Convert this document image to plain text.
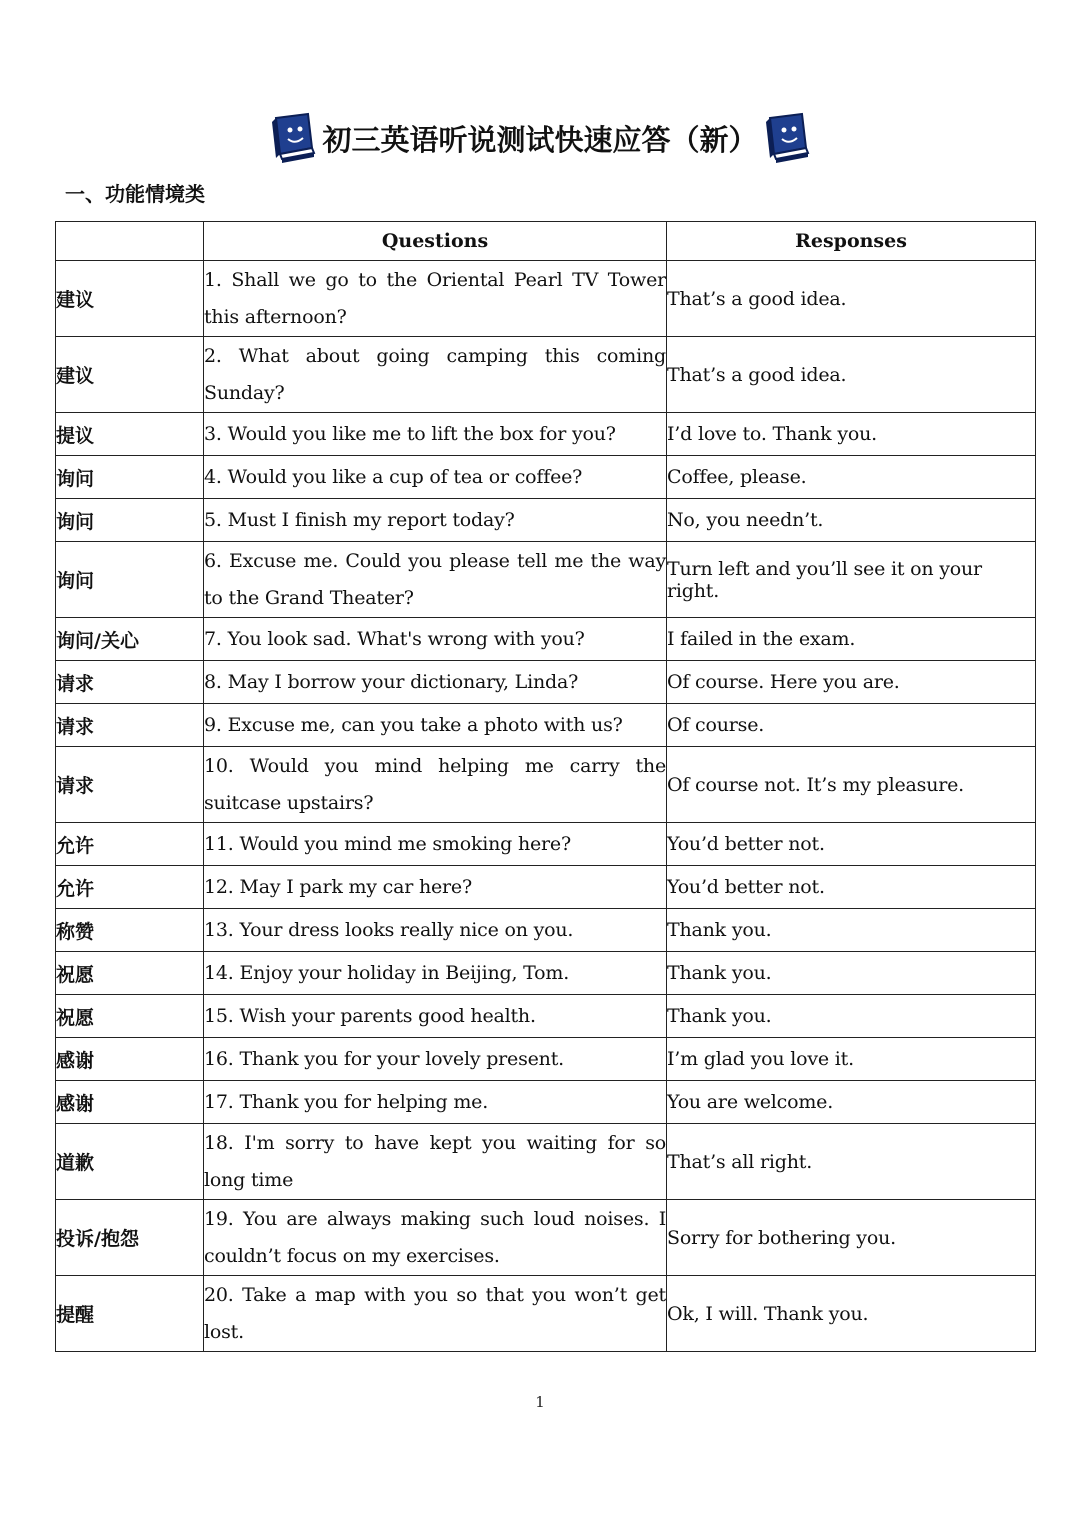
初三英语听说测试快速应答（新）
一、功能情境类
	Questions	Responses
建议	1. Shall we go to the Oriental Pearl TV Tower this afternoon?	That’s a good idea.
建议	2. What about going camping this coming Sunday?	That’s a good idea.
提议	3. Would you like me to lift the box for you?	I’d love to. Thank you.
询问	4. Would you like a cup of tea or coffee?	Coffee, please.
询问	5. Must I finish my report today?	No, you needn’t.
询问	6. Excuse me. Could you please tell me the way to the Grand Theater?	Turn left and you’ll see it on your right.
询问/关心	7. You look sad. What's wrong with you?	I failed in the exam.
请求	8. May I borrow your dictionary, Linda?	Of course. Here you are.
请求	9. Excuse me, can you take a photo with us?	Of course.
请求	10. Would you mind helping me carry the suitcase upstairs?	Of course not. It’s my pleasure.
允许	11. Would you mind me smoking here?	You’d better not.
允许	12. May I park my car here?	You’d better not.
称赞	13. Your dress looks really nice on you.	Thank you.
祝愿	14. Enjoy your holiday in Beijing, Tom.	Thank you.
祝愿	15. Wish your parents good health.	Thank you.
感谢	16. Thank you for your lovely present.	I’m glad you love it.
感谢	17. Thank you for helping me.	You are welcome.
道歉	18. I'm sorry to have kept you waiting for so long time	That’s all right.
投诉/抱怨	19. You are always making such loud noises. I couldn’t focus on my exercises.	Sorry for bothering you.
提醒	20. Take a map with you so that you won’t get lost.	Ok, I will. Thank you.
1
